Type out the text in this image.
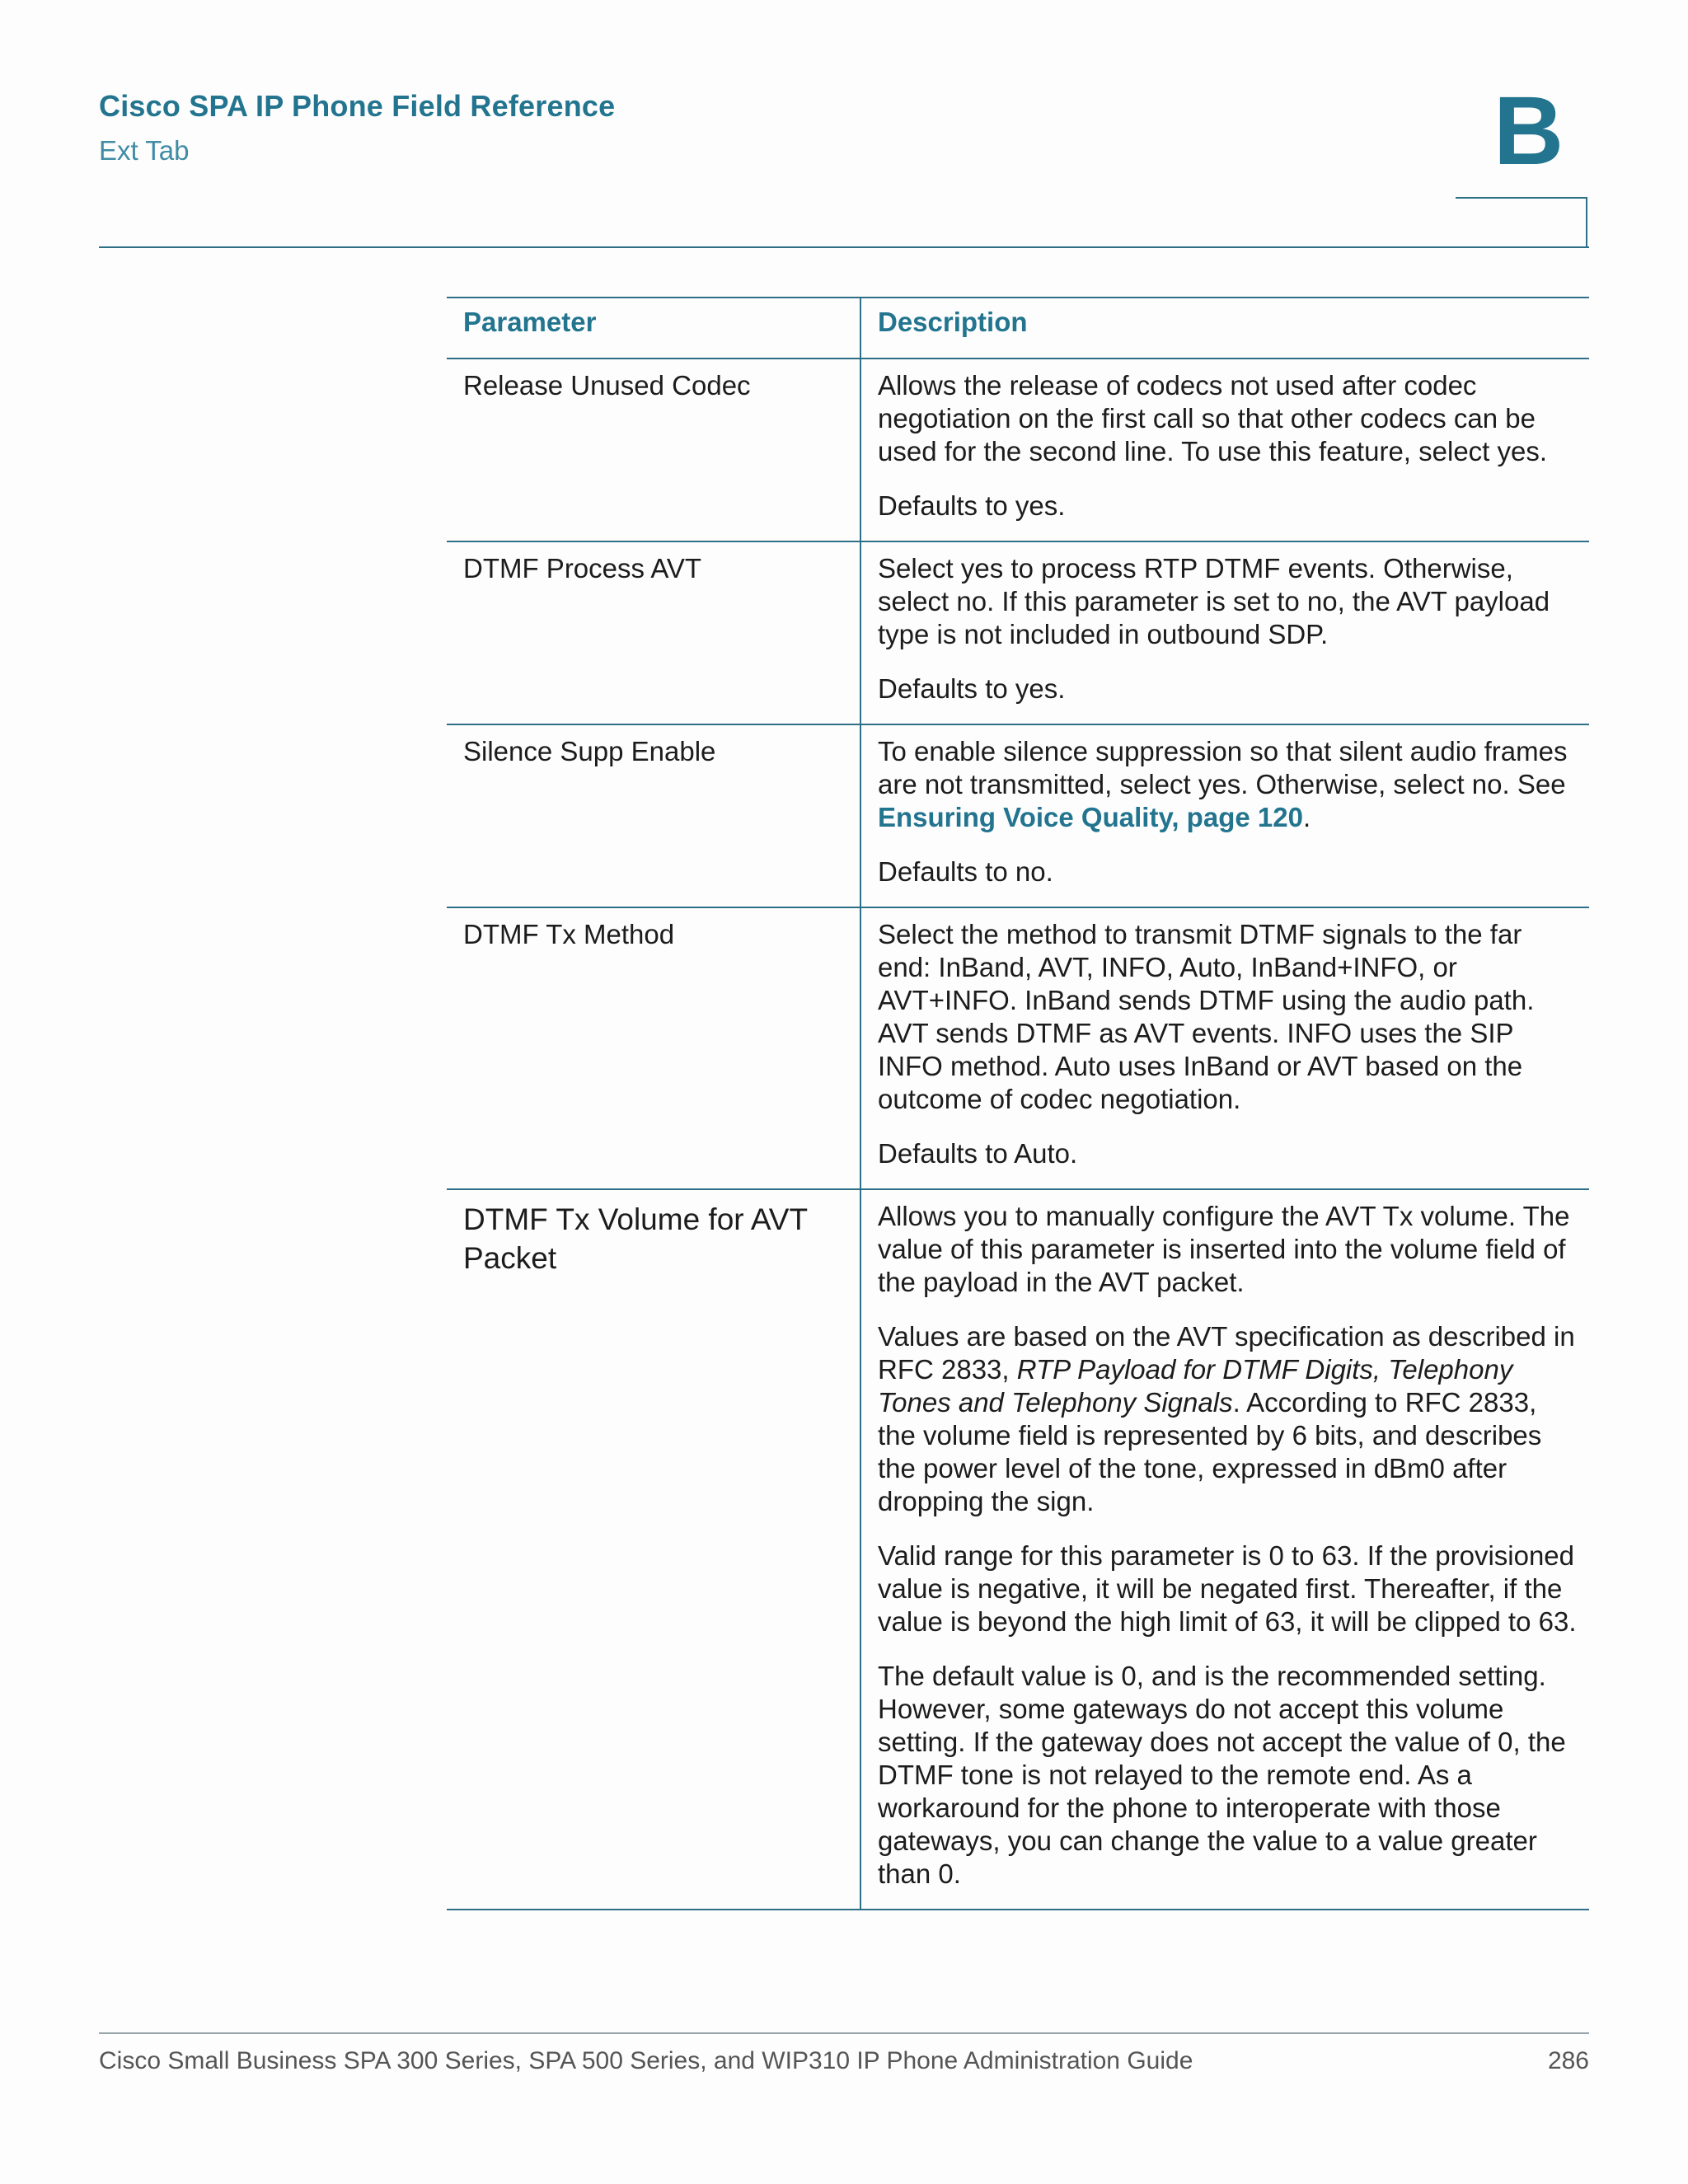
Cisco SPA IP Phone Field Reference
Ext Tab	B
Parameter	Description
Release Unused Codec	Allows the release of codecs not used after codec negotiation on the first call so that other codecs can be used for the second line. To use this feature, select yes.

Defaults to yes.

DTMF Process AVT	Select yes to process RTP DTMF events. Otherwise, select no. If this parameter is set to no, the AVT payload type is not included in outbound SDP.

Defaults to yes.

Silence Supp Enable	To enable silence suppression so that silent audio frames are not transmitted, select yes. Otherwise, select no. See Ensuring Voice Quality, page 120.

Defaults to no.

DTMF Tx Method	Select the method to transmit DTMF signals to the far end: InBand, AVT, INFO, Auto, InBand+INFO, or AVT+INFO. InBand sends DTMF using the audio path. AVT sends DTMF as AVT events. INFO uses the SIP INFO method. Auto uses InBand or AVT based on the outcome of codec negotiation.

Defaults to Auto.

DTMF Tx Volume for AVT Packet	Allows you to manually configure the AVT Tx volume. The value of this parameter is inserted into the volume field of the payload in the AVT packet.

Values are based on the AVT specification as described in RFC 2833, RTP Payload for DTMF Digits, Telephony Tones and Telephony Signals. According to RFC 2833, the volume field is represented by 6 bits, and describes the power level of the tone, expressed in dBm0 after dropping the sign.

Valid range for this parameter is 0 to 63. If the provisioned value is negative, it will be negated first. Thereafter, if the value is beyond the high limit of 63, it will be clipped to 63.

The default value is 0, and is the recommended setting. However, some gateways do not accept this volume setting. If the gateway does not accept the value of 0, the DTMF tone is not relayed to the remote end. As a workaround for the phone to interoperate with those gateways, you can change the value to a value greater than 0.

Cisco Small Business SPA 300 Series, SPA 500 Series, and WIP310 IP Phone Administration Guide	286
